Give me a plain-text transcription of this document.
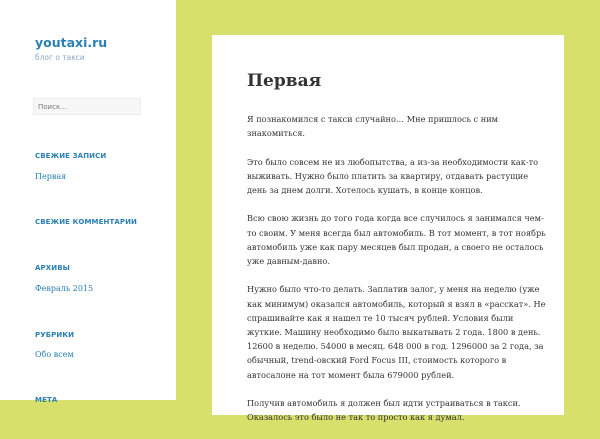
youtaxi.ru

блог о такси

Поиск...
СВЕЖИЕ ЗАПИСИ
Первая
СВЕЖИЕ КОММЕНТАРИИ
АРХИВЫ
Февраль 2015
РУБРИКИ
Обо всем
МЕТА
Первая

Я познакомился с такси случайно… Мне пришлось с ним знакомиться.

Это было совсем не из любопытства, а из-за необходимости как-то выживать. Нужно было платить за квартиру, отдавать растущие день за днем долги. Хотелось кушать, в конце концов.

Всю свою жизнь до того года когда все случилось я занимался чем-то своим. У меня всегда был автомобиль. В тот момент, в тот ноябрь автомобиль уже как пару месяцев был продан, а своего не осталось уже давным-давно.

Нужно было что-то делать. Заплатив залог, у меня на неделю (уже как минимум) оказался автомобиль, который я взял в «расскат». Не спрашивайте как я нашел те 10 тысяч рублей. Условия были жуткие. Машину необходимо было выкатывать 2 года. 1800 в день. 12600 в неделю. 54000 в месяц. 648 000 в год. 1296000 за 2 года, за обычный, trend-овский Ford Focus III, стоимость которого в автосалоне на тот момент была 679000 рублей.

Получив автомобиль я должен был идти устраиваться в такси. Оказалось это было не так то просто как я думал.
